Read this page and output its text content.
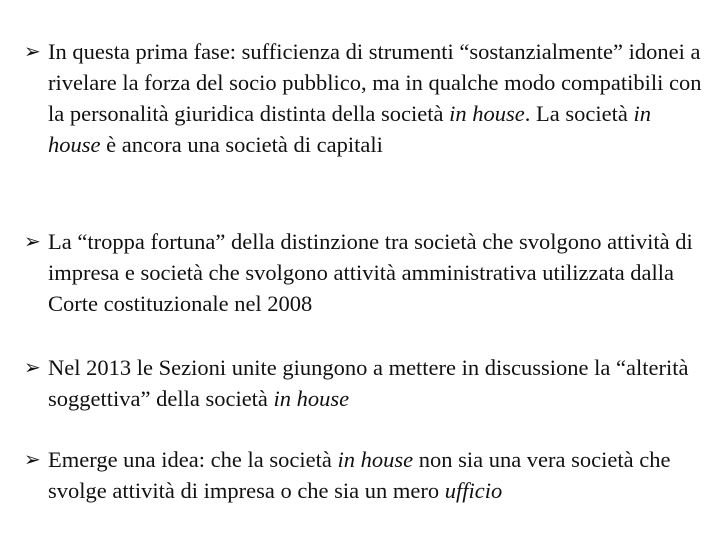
➢ In questa prima fase: sufficienza di strumenti “sostanzialmente” idonei a rivelare la forza del socio pubblico, ma in qualche modo compatibili con la personalità giuridica distinta della società in house. La società in house è ancora una società di capitali
➢ La “troppa fortuna” della distinzione tra società che svolgono attività di impresa e società che svolgono attività amministrativa utilizzata dalla Corte costituzionale nel 2008
➢ Nel 2013 le Sezioni unite giungono a mettere in discussione la “alterità soggettiva” della società in house
➢ Emerge una idea: che la società in house non sia una vera società che svolge attività di impresa o che sia un mero ufficio
